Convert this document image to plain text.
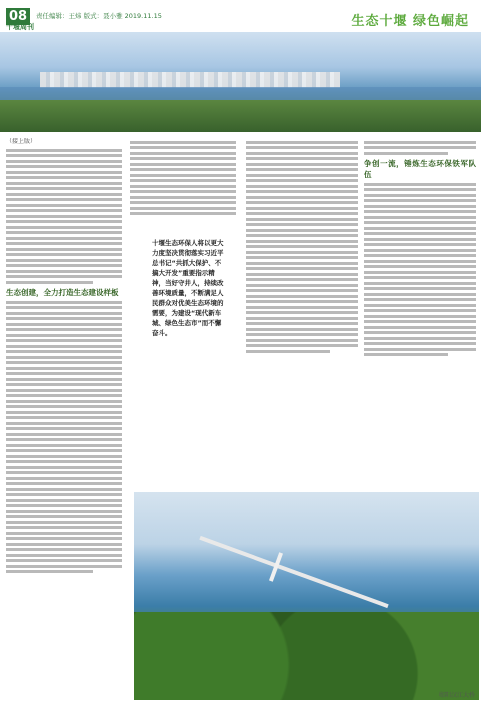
08
十堰周刊
责任编辑：王炜 版式：聂小雅 2019.11.15	生态十堰 绿色崛起
（接上版）
生态创建，全力打造生态建设样板
十堰生态环保人将以更大力度坚决贯彻落实习近平总书记“共抓大保护、不搞大开发”重要指示精神，当好守井人，持续改善环境质量，不断满足人民群众对优美生态环境的需要，为建设“现代新车城、绿色生态市”而不懈奋斗。
争创一流，锤炼生态环保铁军队伍
郧阳汉江大桥
